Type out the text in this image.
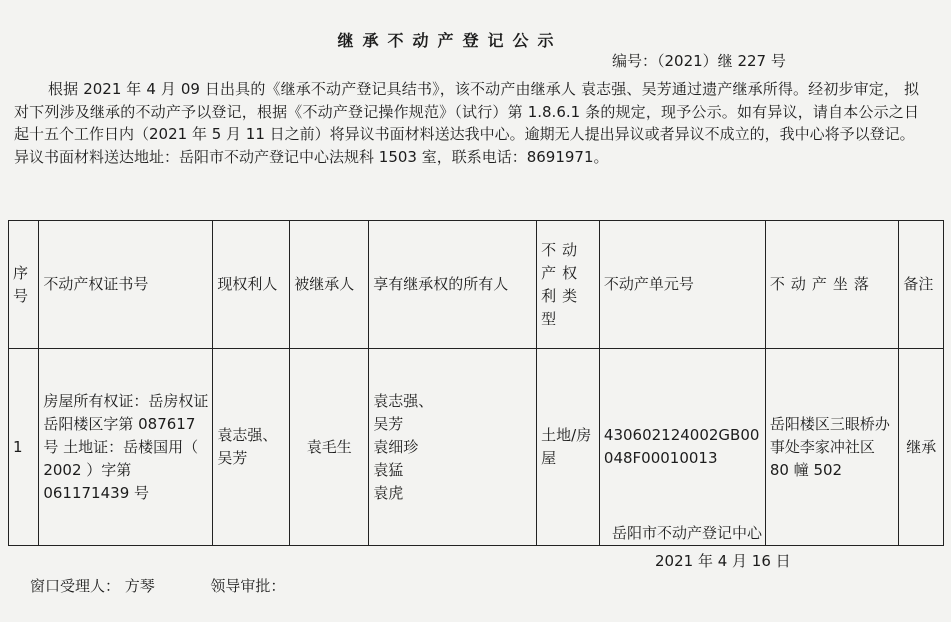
继承不动产登记公示
编号：（2021）继 227 号

根据 2021 年 4 月 09 日出具的《继承不动产登记具结书》，该不动产由继承人 袁志强、吴芳通过遗产继承所得。经初步审定， 拟对下列涉及继承的不动产予以登记，根据《不动产登记操作规范》（试行）第 1.8.6.1 条的规定，现予公示。如有异议，请自本公示之日起十五个工作日内（2021 年 5 月 11 日之前）将异议书面材料送达我中心。逾期无人提出异议或者异议不成立的，我中心将予以登记。

异议书面材料送达地址：岳阳市不动产登记中心法规科 1503 室，联系电话：8691971。

序号	不动产权证书号	现权利人	被继承人	享有继承权的所有人	不动产权利类型	不动产单元号	不动产坐落	备注
1	房屋所有权证：岳房权证岳阳楼区字第 087617 号 土地证：岳楼国用（ 2002 ）字第 061171439 号	袁志强、吴芳	袁毛生	袁志强、
吴芳
袁细珍
袁猛
袁虎	土地/房屋	430602124002GB00048F00010013	岳阳楼区三眼桥办事处李家冲社区 80 幢 502	继承
岳阳市不动产登记中心
2021 年 4 月 16 日
窗口受理人： 方琴	领导审批：
